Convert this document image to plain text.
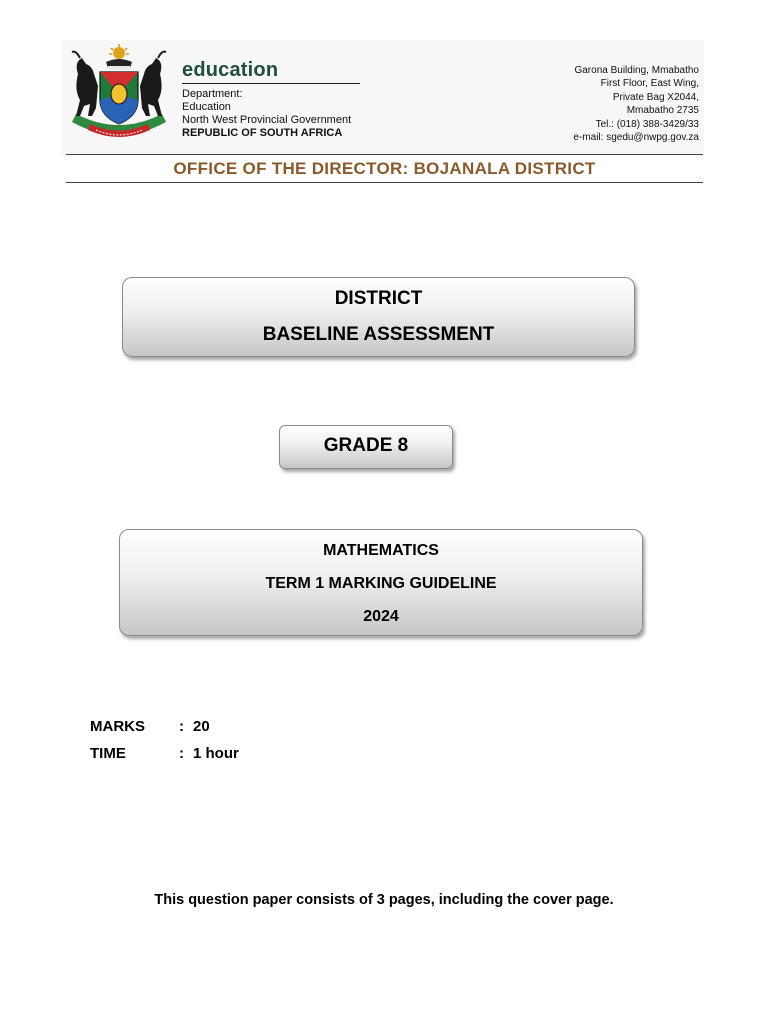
education
Department:
Education
North West Provincial Government
REPUBLIC OF SOUTH AFRICA
Garona Building, Mmabatho
First Floor, East Wing,
Private Bag X2044,
Mmabatho 2735
Tel.: (018) 388-3429/33
e-mail: sgedu@nwpg.gov.za
OFFICE OF THE DIRECTOR: BOJANALA DISTRICT
DISTRICT
BASELINE ASSESSMENT
GRADE 8
MATHEMATICS
TERM 1 MARKING GUIDELINE
2024
MARKS : 20
TIME	: 1 hour
This question paper consists of 3 pages, including the cover page.
